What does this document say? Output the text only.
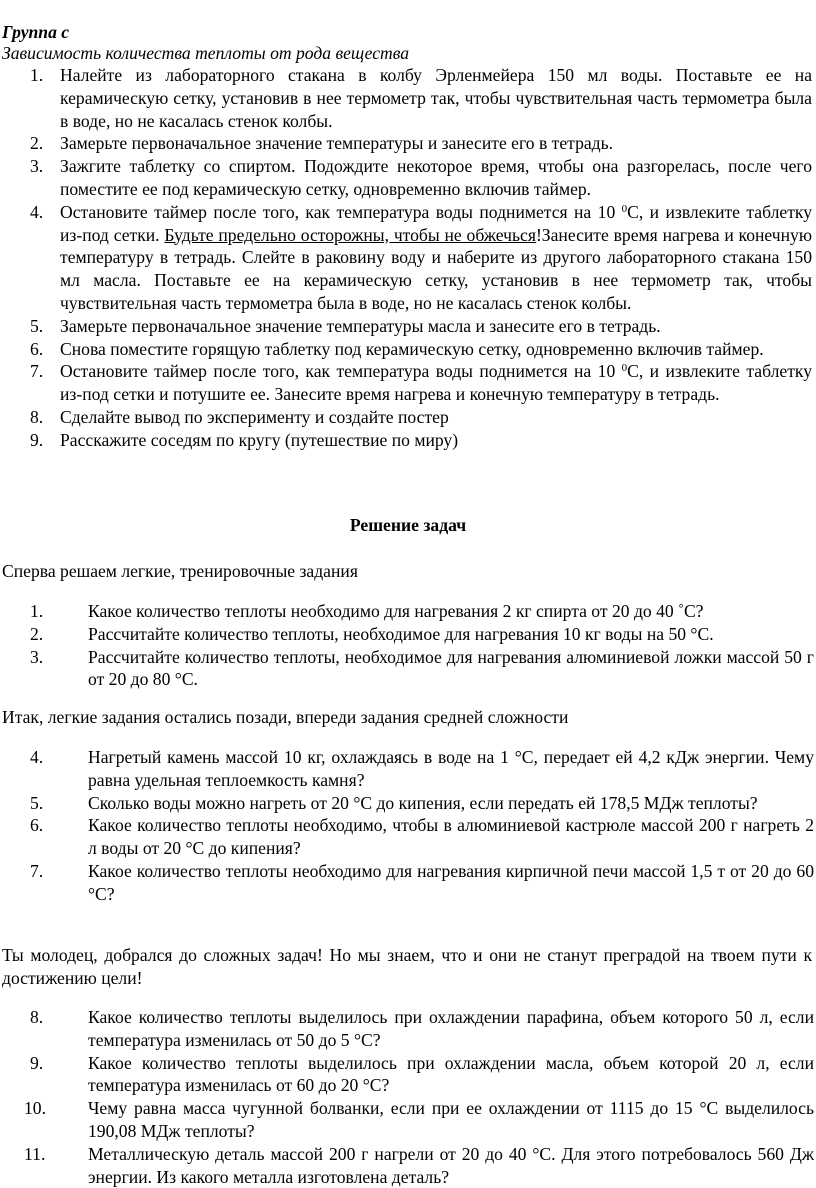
Группа с

Зависимость количества теплоты от рода вещества

1. Налейте из лабораторного стакана в колбу Эрленмейера 150 мл воды. Поставьте ее на керамическую сетку, установив в нее термометр так, чтобы чувствительная часть термометра была в воде, но не касалась стенок колбы.
2. Замерьте первоначальное значение температуры и занесите его в тетрадь.
3. Зажгите таблетку со спиртом. Подождите некоторое время, чтобы она разгорелась, после чего поместите ее под керамическую сетку, одновременно включив таймер.
4. Остановите таймер после того, как температура воды поднимется на 10 $^0$С, и извлеките таблетку из-под сетки. Будьте предельно осторожны, чтобы не обжечься!Занесите время нагрева и конечную температуру в тетрадь. Слейте в раковину воду и наберите из другого лабораторного стакана 150 мл масла. Поставьте ее на керамическую сетку, установив в нее термометр так, чтобы чувствительная часть термометра была в воде, но не касалась стенок колбы.
5. Замерьте первоначальное значение температуры масла и занесите его в тетрадь.
6. Снова поместите горящую таблетку под керамическую сетку, одновременно включив таймер.
7. Остановите таймер после того, как температура воды поднимется на 10 $^0$С, и извлеките таблетку из-под сетки и потушите ее. Занесите время нагрева и конечную температуру в тетрадь.
8. Сделайте вывод по эксперименту и создайте постер
9. Расскажите соседям по кругу (путешествие по миру)

Решение задач

Сперва решаем легкие, тренировочные задания

1.	Какое количество теплоты необходимо для нагревания 2 кг спирта от 20 до 40 ˚С?
2.	Рассчитайте количество теплоты, необходимое для нагревания 10 кг воды на 50 °С.
3.	Рассчитайте количество теплоты, необходимое для нагревания алюминиевой ложки массой 50 г от 20 до 80 °С.

Итак, легкие задания остались позади, впереди задания средней сложности

4.	Нагретый камень массой 10 кг, охлаждаясь в воде на 1 °С, передает ей 4,2 кДж энергии. Чему равна удельная теплоемкость камня?
5.	Сколько воды можно нагреть от 20 °С до кипения, если передать ей 178,5 МДж теплоты?
6.	Какое количество теплоты необходимо, чтобы в алюминиевой кастрюле массой 200 г нагреть 2 л воды от 20 °С до кипения?
7.	Какое количество теплоты необходимо для нагревания кирпичной печи массой 1,5 т от 20 до 60 °С?

Ты молодец, добрался до сложных задач! Но мы знаем, что и они не станут преградой на твоем пути к достижению цели!

8.	Какое количество теплоты выделилось при охлаждении парафина, объем которого 50 л, если температура изменилась от 50 до 5 °С?
9.	Какое количество теплоты выделилось при охлаждении масла, объем которой 20 л, если температура изменилась от 60 до 20 °С?
10. Чему равна масса чугунной болванки, если при ее охлаждении от 1115 до 15 °С выделилось 190,08 МДж теплоты?
11. Металлическую деталь массой 200 г нагрели от 20 до 40 °С. Для этого потребовалось 560 Дж энергии. Из какого металла изготовлена деталь?
